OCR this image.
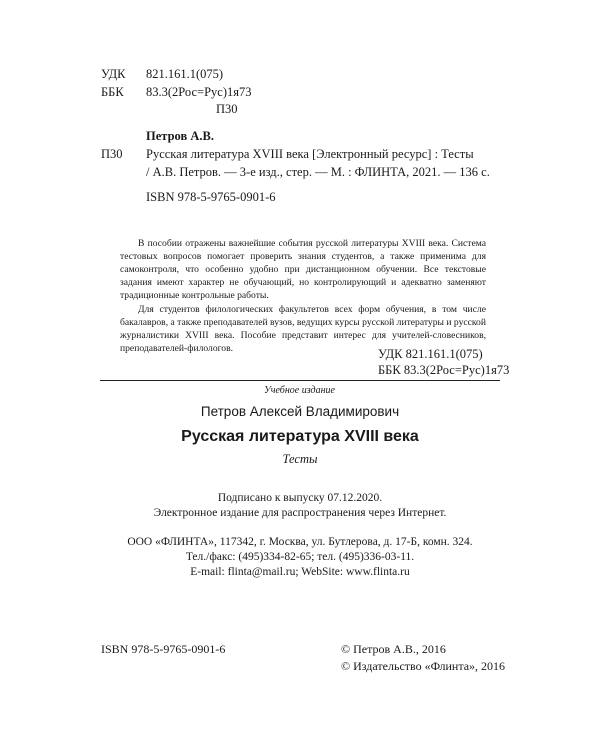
УДК 821.161.1(075)
ББК 83.3(2Рос=Рус)1я73
П30
Петров А.В.
П30 Русская литература XVIII века [Электронный ресурс] : Тесты
/ А.В. Петров. — 3-е изд., стер. — М. : ФЛИНТА, 2021. — 136 с.
ISBN 978-5-9765-0901-6

В пособии отражены важнейшие события русской литературы XVIII века. Система тестовых вопросов помогает проверить знания студентов, а также применима для самоконтроля, что особенно удобно при дистанционном обучении. Все текстовые задания имеют характер не обучающий, но контролирующий и адекватно заменяют традиционные контрольные работы.

Для студентов филологических факультетов всех форм обучения, в том числе бакалавров, а также преподавателей вузов, ведущих курсы русской литературы и русской журналистики XVIII века. Пособие представит интерес для учителей-словесников, преподавателей-филологов.	УДК 821.161.1(075)
ББК 83.3(2Рос=Рус)1я73
Учебное издание
Петров Алексей Владимирович
Русская литература XVIII века
Тесты
Подписано к выпуску 07.12.2020.
Электронное издание для распространения через Интернет.
ООО «ФЛИНТА», 117342, г. Москва, ул. Бутлерова, д. 17-Б, комн. 324.
Тел./факс: (495)334-82-65; тел. (495)336-03-11.
E-mail: flinta@mail.ru; WebSite: www.flinta.ru
ISBN 978-5-9765-0901-6	© Петров А.В., 2016
© Издательство «Флинта», 2016
